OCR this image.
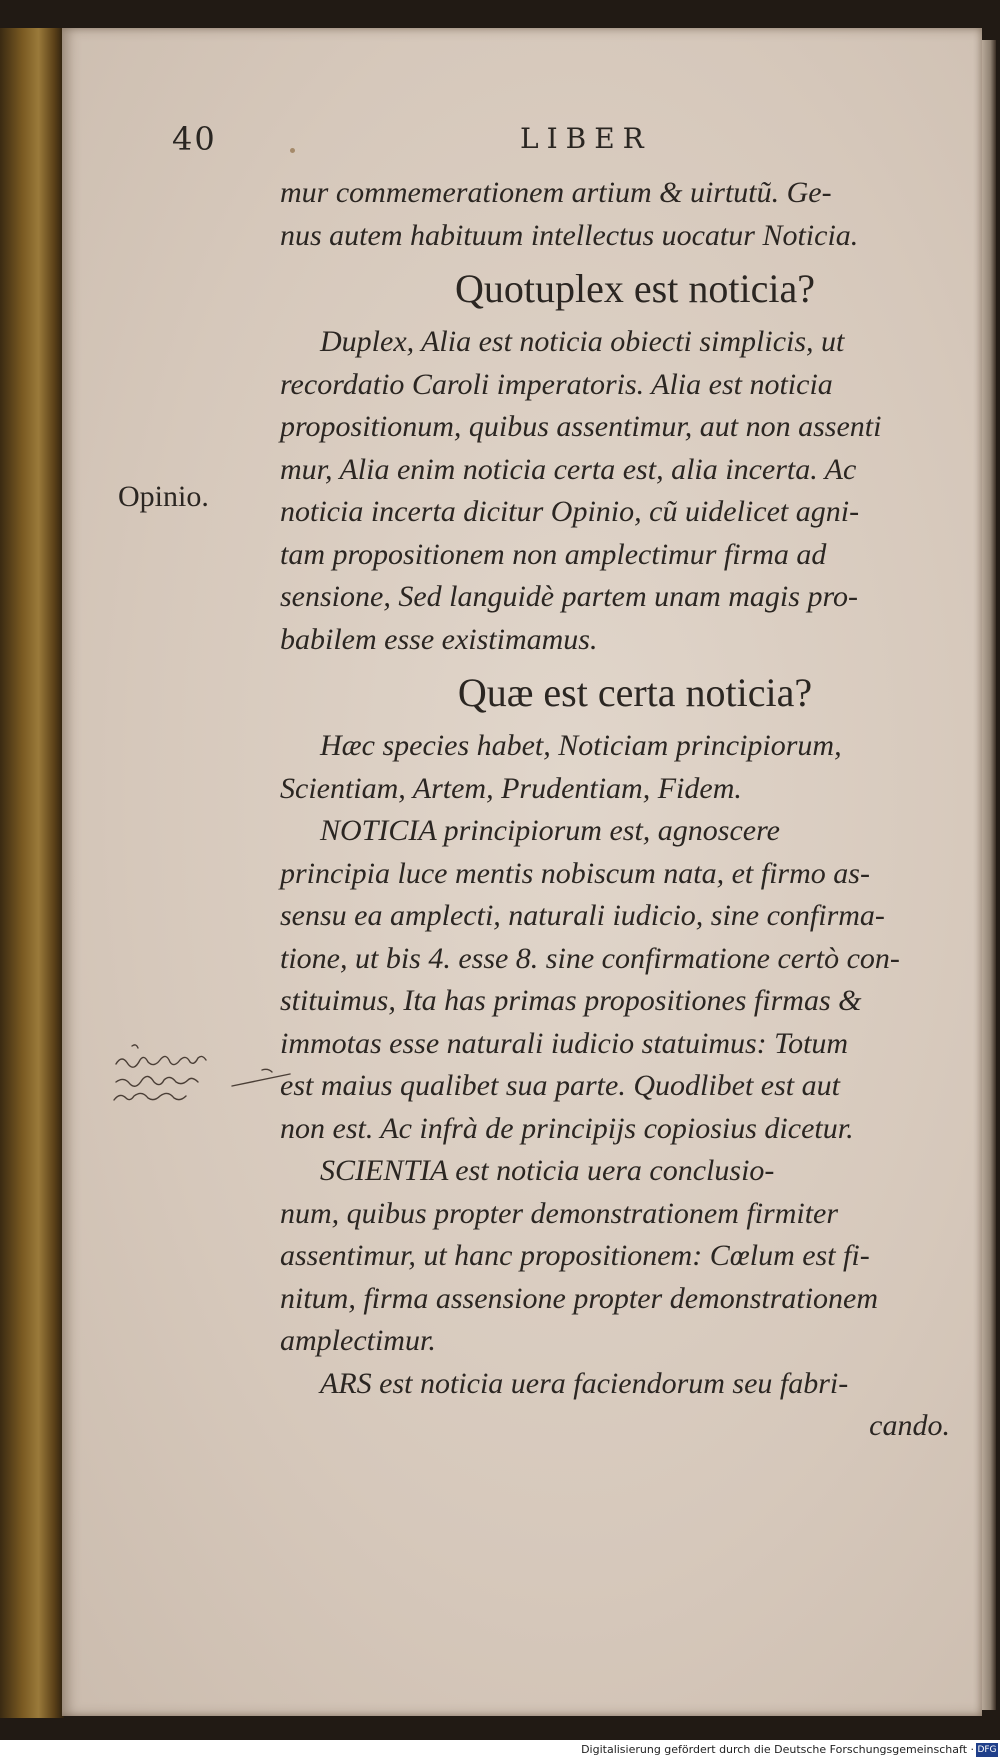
40	LIBER
Opinio.
mur commemerationem artium & uirtutũ. Ge-
nus autem habituum intellectus uocatur Noticia.
Quotuplex est noticia?
Duplex, Alia est noticia obiecti simplicis, ut
recordatio Caroli imperatoris. Alia est noticia
propositionum, quibus assentimur, aut non assenti
mur, Alia enim noticia certa est, alia incerta. Ac
noticia incerta dicitur Opinio, cũ uidelicet agni-
tam propositionem non amplectimur firma ad
sensione, Sed languidè partem unam magis pro-
babilem esse existimamus.
Quæ est certa noticia?
Hæc species habet, Noticiam principiorum,
Scientiam, Artem, Prudentiam, Fidem.
NOTICIA principiorum est, agnoscere
principia luce mentis nobiscum nata, et firmo as-
sensu ea amplecti, naturali iudicio, sine confirma-
tione, ut bis 4. esse 8. sine confirmatione certò con-
stituimus, Ita has primas propositiones firmas &
immotas esse naturali iudicio statuimus: Totum
est maius qualibet sua parte. Quodlibet est aut
non est. Ac infrà de principijs copiosius dicetur.
SCIENTIA est noticia uera conclusio-
num, quibus propter demonstrationem firmiter
assentimur, ut hanc propositionem: Cœlum est fi-
nitum, firma assensione propter demonstrationem
amplectimur.
ARS est noticia uera faciendorum seu fabri-
cando.
Digitalisierung gefördert durch die Deutsche Forschungsgemeinschaft · DFG
